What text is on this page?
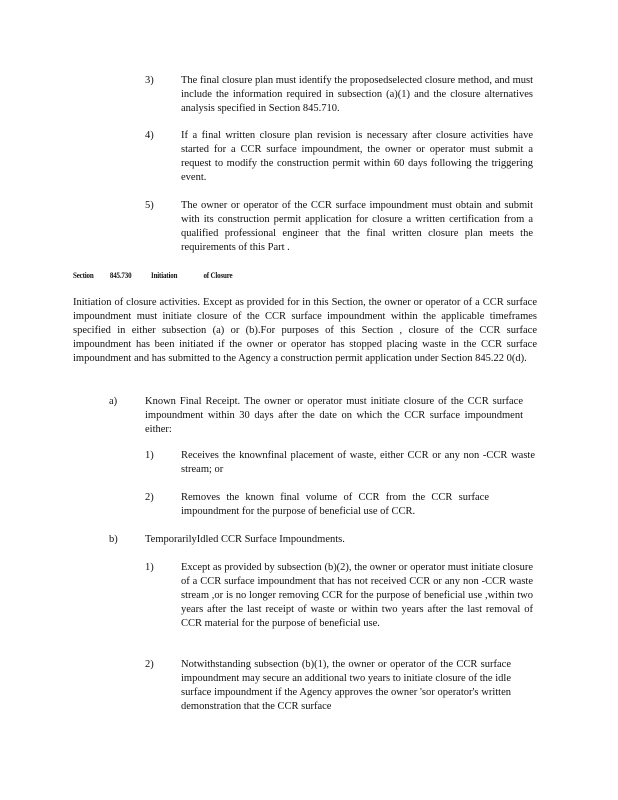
3)	The final closure plan must identify the proposedselected closure method, and must include the information required in subsection (a)(1) and the closure alternatives analysis specified in Section 845.710.
4)	If a final written closure plan revision is necessary after closure activities have started for a CCR surface impoundment, the owner or operator must submit a request to modify the construction permit within 60 days following the triggering event.
5)	The owner or operator of the CCR surface impoundment must obtain and submit with its construction permit application for closure a written certification from a qualified professional engineer that the final written closure plan meets the requirements of this Part .
Section 845.730 Initiation	of Closure
Initiation of closure activities. Except as provided for in this Section, the owner or operator of a CCR surface impoundment must initiate closure of the CCR surface impoundment within the applicable timeframes specified in either subsection (a) or (b).For purposes of this Section , closure of the CCR surface impoundment has been initiated if the owner or operator has stopped placing waste in the CCR surface impoundment and has submitted to the Agency a construction permit application under Section 845.22 0(d).
a)	Known Final Receipt. The owner or operator must initiate closure of the CCR surface impoundment within 30 days after the date on which the CCR surface impoundment either:
1)	Receives the knownfinal placement of waste, either CCR or any non -CCR waste stream; or
2)	Removes the known final volume of CCR from the CCR surface impoundment for the purpose of beneficial use of CCR.
b)	TemporarilyIdled CCR Surface Impoundments.
1)	Except as provided by subsection (b)(2), the owner or operator must initiate closure of a CCR surface impoundment that has not received CCR or any non -CCR waste stream ,or is no longer removing CCR for the purpose of beneficial use ,within two years after the last receipt of waste or within two years after the last removal of CCR material for the purpose of beneficial use.
2)	Notwithstanding subsection (b)(1), the owner or operator of the CCR surface impoundment may secure an additional two years to initiate closure of the idle surface impoundment if the Agency approves the owner 'sor operator's written demonstration that the CCR surface
